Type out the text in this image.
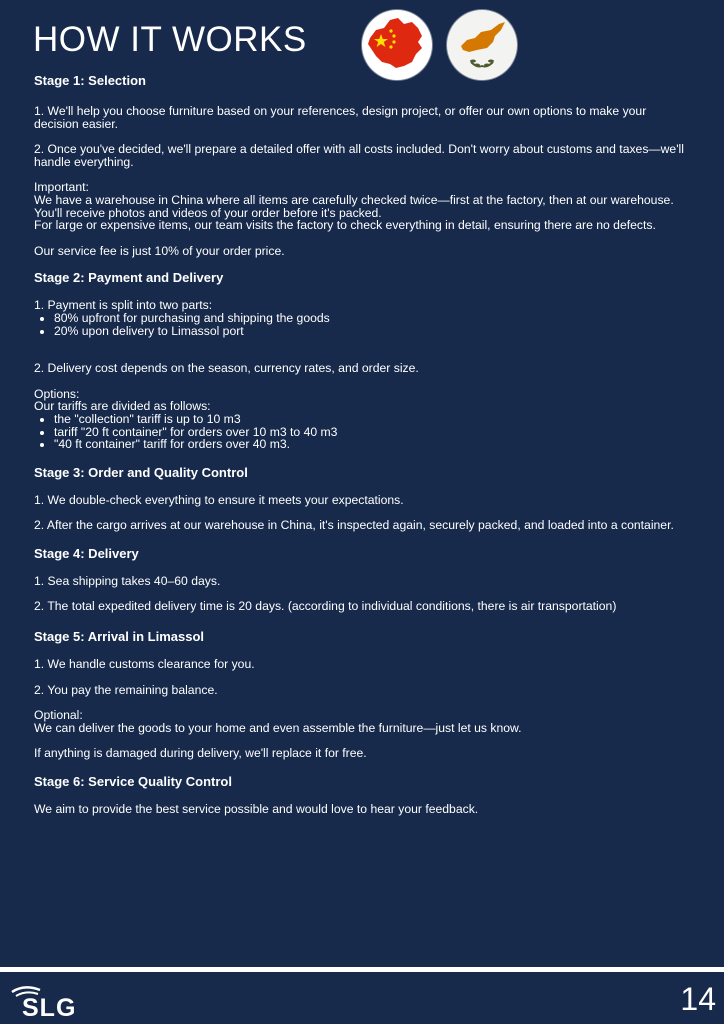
HOW IT WORKS
Stage 1: Selection

1. We'll help you choose furniture based on your references, design project, or offer our own options to make your decision easier.

2. Once you've decided, we'll prepare a detailed offer with all costs included. Don't worry about customs and taxes—we'll handle everything.

Important:
We have a warehouse in China where all items are carefully checked twice—first at the factory, then at our warehouse. You'll receive photos and videos of your order before it's packed.
For large or expensive items, our team visits the factory to check everything in detail, ensuring there are no defects.

Our service fee is just 10% of your order price.

Stage 2: Payment and Delivery

1. Payment is split into two parts:

• 80% upfront for purchasing and shipping the goods
• 20% upon delivery to Limassol port

2. Delivery cost depends on the season, currency rates, and order size.

Options:
Our tariffs are divided as follows:

• the "collection" tariff is up to 10 m3
• tariff "20 ft container" for orders over 10 m3 to 40 m3
• "40 ft container" tariff for orders over 40 m3.
Stage 3: Order and Quality Control

1. We double-check everything to ensure it meets your expectations.

2. After the cargo arrives at our warehouse in China, it's inspected again, securely packed, and loaded into a container.

Stage 4: Delivery

1. Sea shipping takes 40–60 days.

2. The total expedited delivery time is 20 days. (according to individual conditions, there is air transportation)

Stage 5: Arrival in Limassol

1. We handle customs clearance for you.

2. You pay the remaining balance.

Optional:
We can deliver the goods to your home and even assemble the furniture—just let us know.

If anything is damaged during delivery, we'll replace it for free.

Stage 6: Service Quality Control

We aim to provide the best service possible and would love to hear your feedback.

SLG	14
